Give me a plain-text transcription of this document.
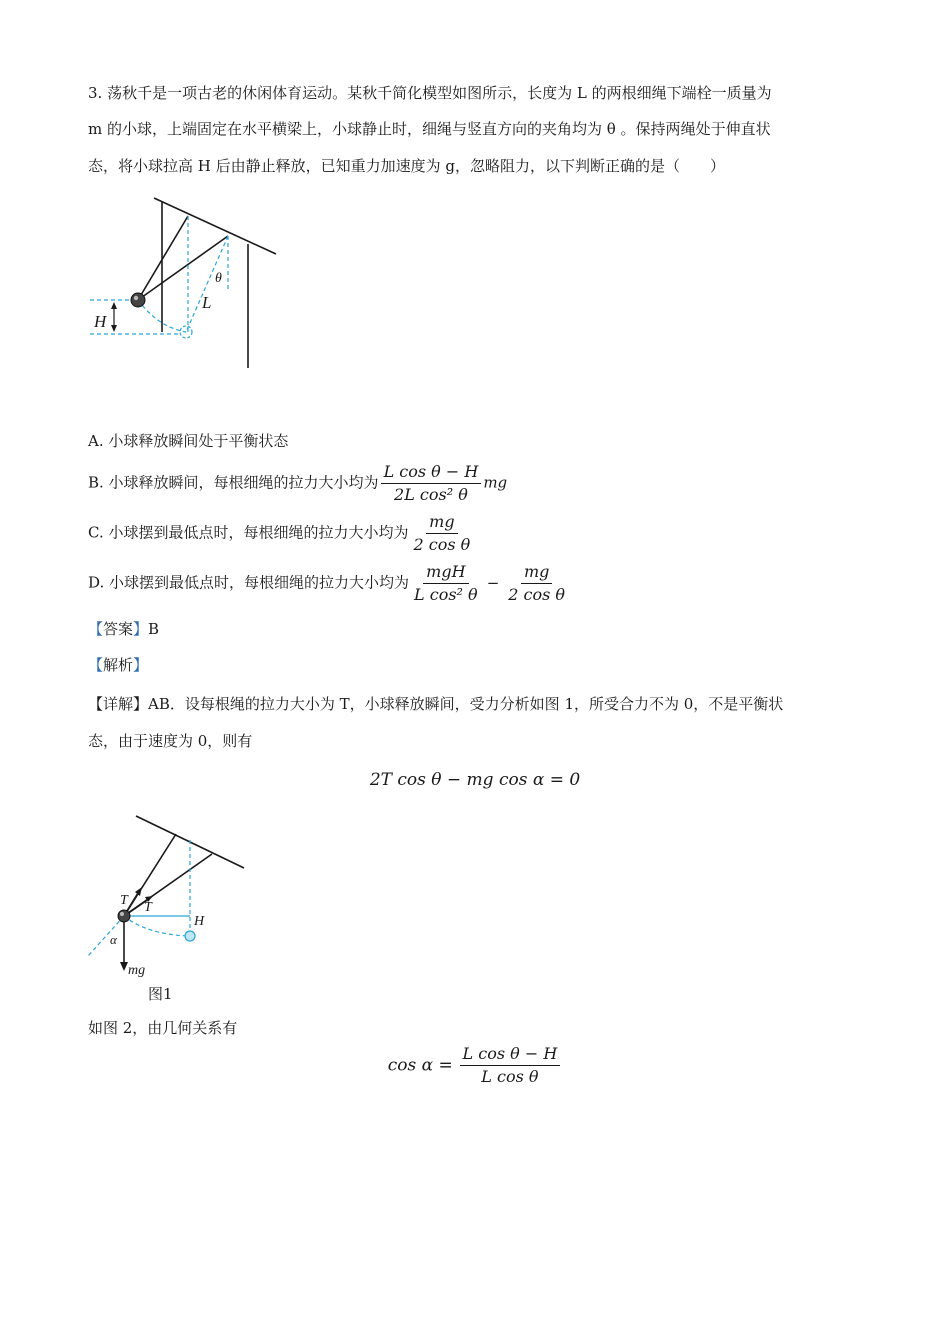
3. 荡秋千是一项古老的休闲体育运动。某秋千简化模型如图所示，长度为 L 的两根细绳下端栓一质量为
m 的小球，上端固定在水平横梁上，小球静止时，细绳与竖直方向的夹角均为 θ 。保持两绳处于伸直状
态，将小球拉高 H 后由静止释放，已知重力加速度为 g，忽略阻力，以下判断正确的是（　　）
H
L
θ
A. 小球释放瞬间处于平衡状态
B. 小球释放瞬间，每根细绳的拉力大小均为 $\frac{\text{L cos θ − H}}{\text{2L cos² θ}}$ mg
C. 小球摆到最低点时，每根细绳的拉力大小均为 $\frac{mg}{\text{2 cos θ}}$
D. 小球摆到最低点时，每根细绳的拉力大小均为 $\frac{\text{mgH}}{\text{L cos² θ}} - \frac{mg}{\text{2 cos θ}}$
【答案】B
【解析】
【详解】AB．设每根绳的拉力大小为 T，小球释放瞬间，受力分析如图 1，所受合力不为 0，不是平衡状
态，由于速度为 0，则有
2T cos θ − mg cos α = 0
T T
H
α
mg
图1
如图 2，由几何关系有
$\cos \alpha = \frac{\text{L cos θ − H}}{\text{L cos θ}}$
